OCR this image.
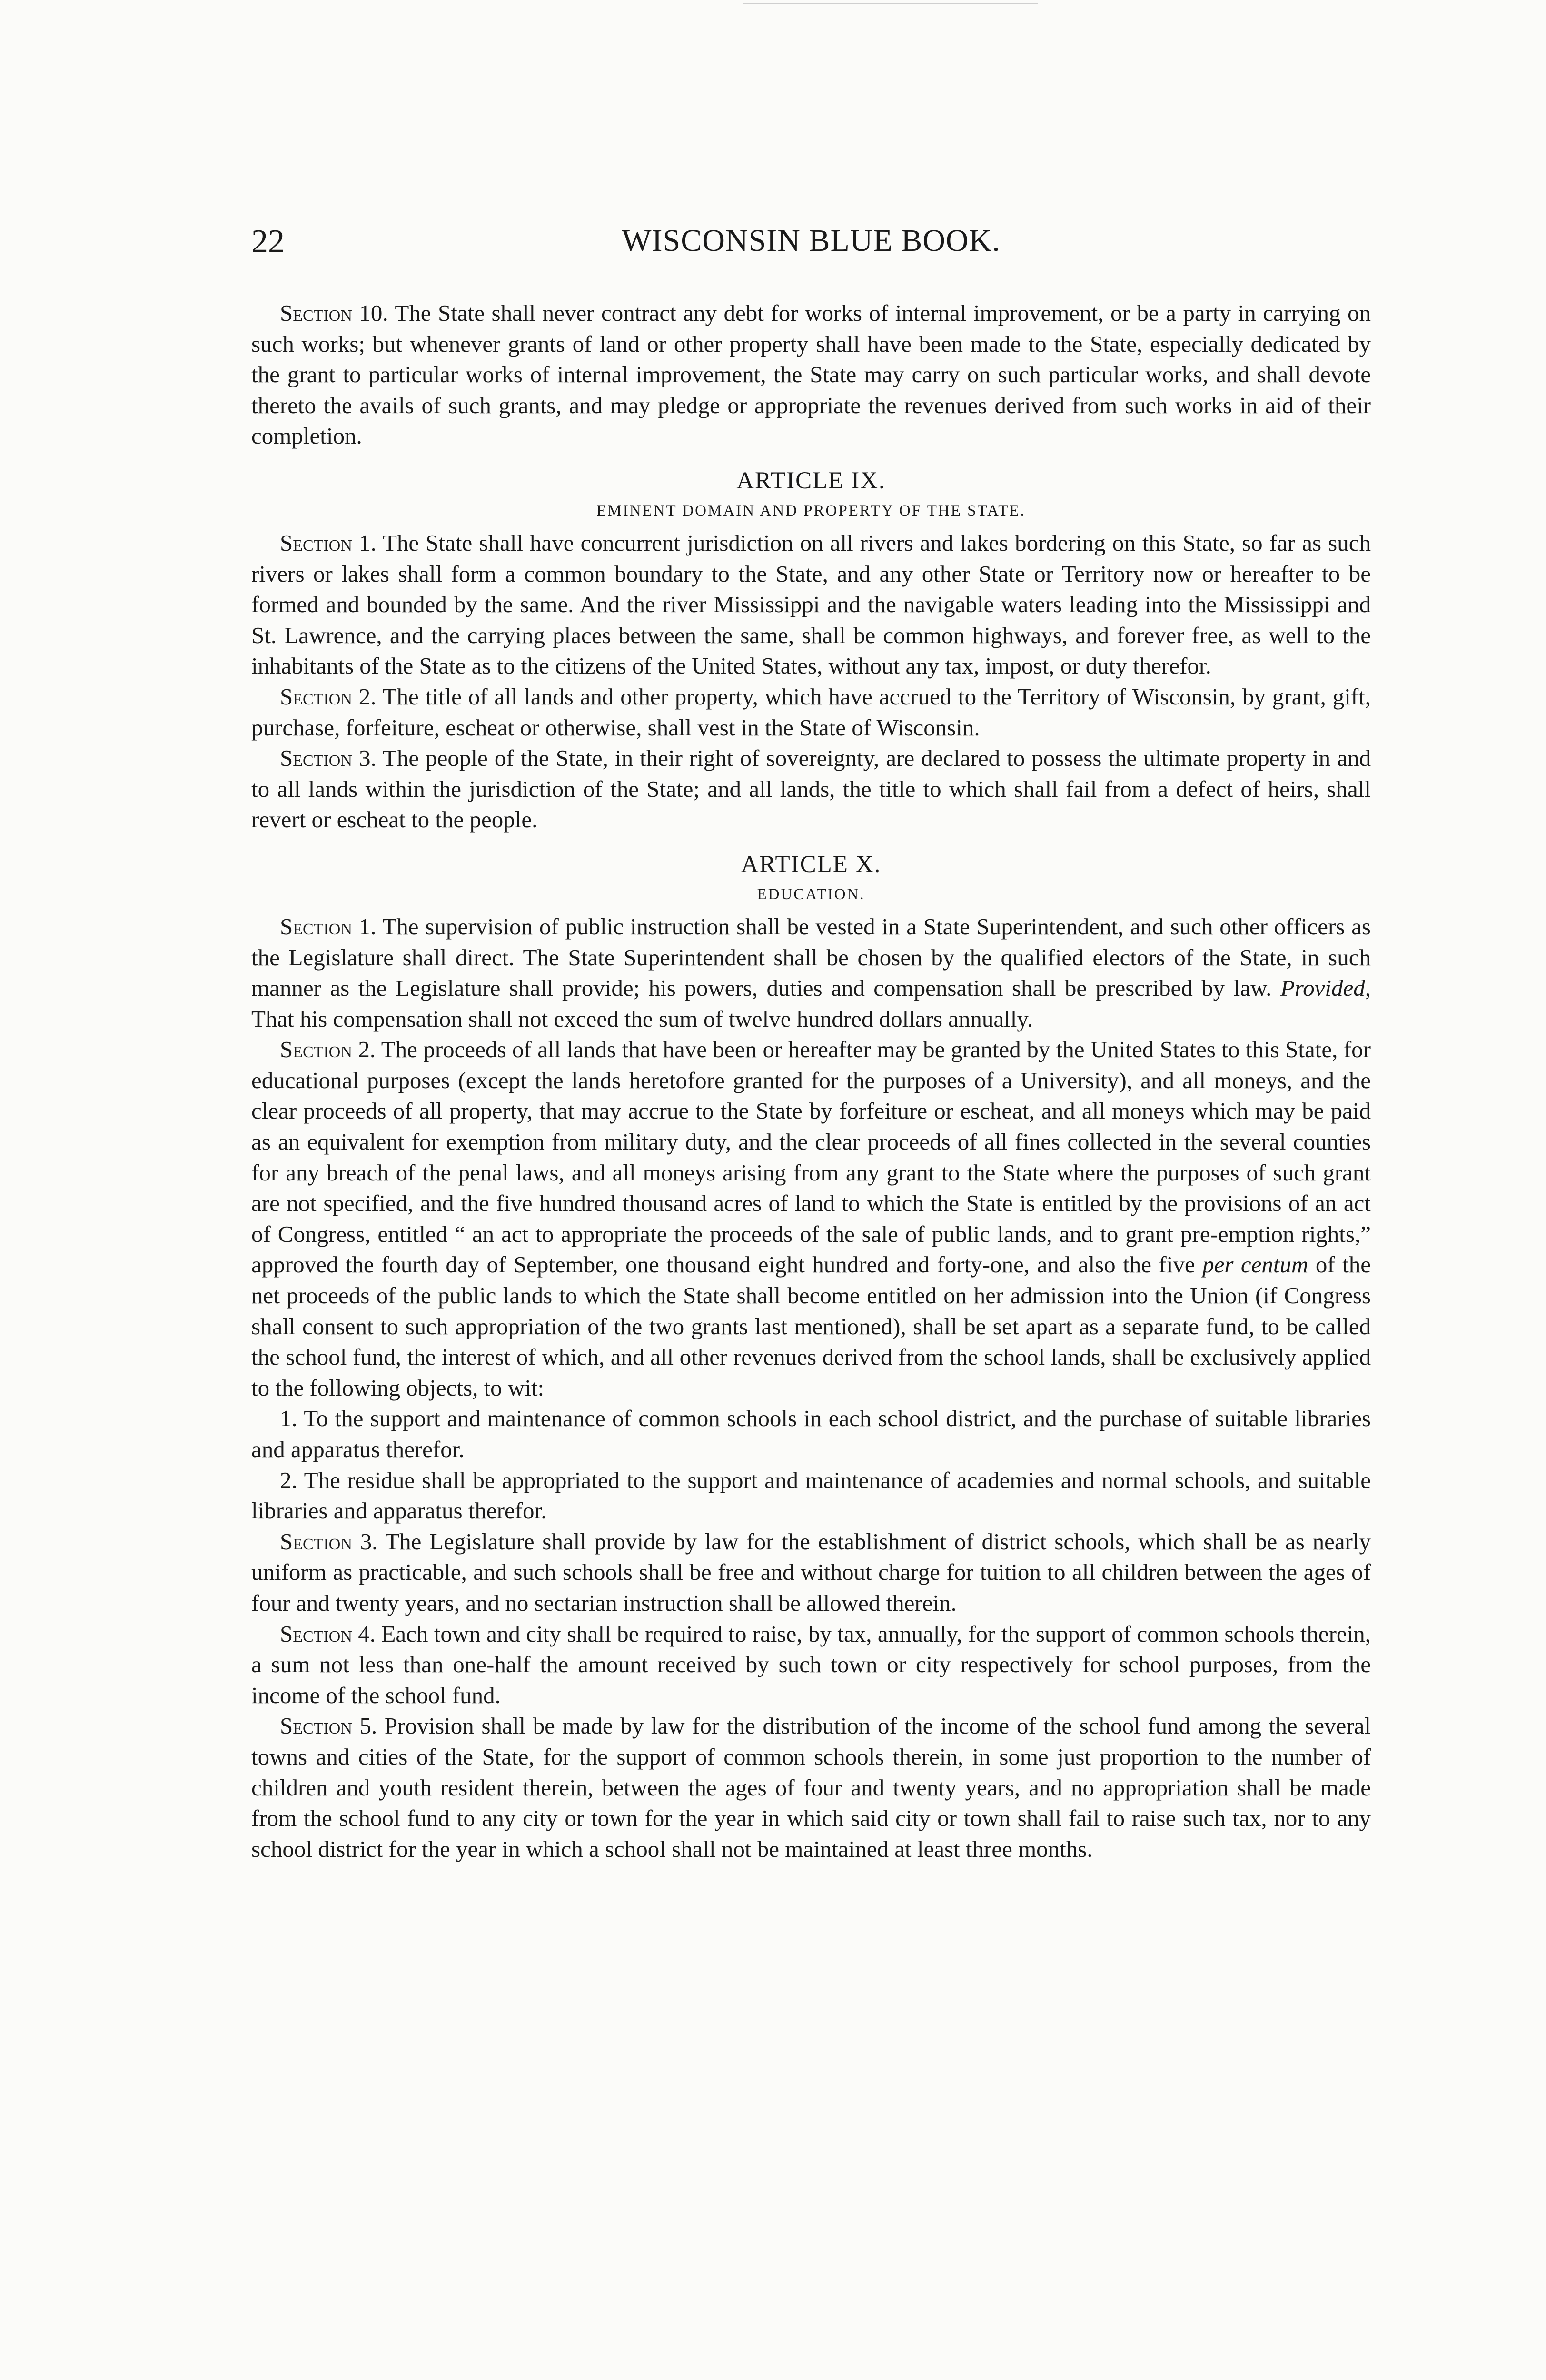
22	WISCONSIN BLUE BOOK.

Section 10. The State shall never contract any debt for works of internal improvement, or be a party in carrying on such works; but whenever grants of land or other property shall have been made to the State, especially dedicated by the grant to particular works of internal improvement, the State may carry on such particular works, and shall devote thereto the avails of such grants, and may pledge or appropriate the revenues derived from such works in aid of their completion.

ARTICLE IX.
EMINENT DOMAIN AND PROPERTY OF THE STATE.

Section 1. The State shall have concurrent jurisdiction on all rivers and lakes bordering on this State, so far as such rivers or lakes shall form a common boundary to the State, and any other State or Territory now or hereafter to be formed and bounded by the same. And the river Mississippi and the navigable waters leading into the Mississippi and St. Lawrence, and the carrying places between the same, shall be common highways, and forever free, as well to the inhabitants of the State as to the citizens of the United States, without any tax, impost, or duty therefor.

Section 2. The title of all lands and other property, which have accrued to the Territory of Wisconsin, by grant, gift, purchase, forfeiture, escheat or otherwise, shall vest in the State of Wisconsin.

Section 3. The people of the State, in their right of sovereignty, are declared to possess the ultimate property in and to all lands within the jurisdiction of the State; and all lands, the title to which shall fail from a defect of heirs, shall revert or escheat to the people.

ARTICLE X.
EDUCATION.

Section 1. The supervision of public instruction shall be vested in a State Superintendent, and such other officers as the Legislature shall direct. The State Superintendent shall be chosen by the qualified electors of the State, in such manner as the Legislature shall provide; his powers, duties and compensation shall be prescribed by law. Provided, That his compensation shall not exceed the sum of twelve hundred dollars annually.

Section 2. The proceeds of all lands that have been or hereafter may be granted by the United States to this State, for educational purposes (except the lands heretofore granted for the purposes of a University), and all moneys, and the clear proceeds of all property, that may accrue to the State by forfeiture or escheat, and all moneys which may be paid as an equivalent for exemption from military duty, and the clear proceeds of all fines collected in the several counties for any breach of the penal laws, and all moneys arising from any grant to the State where the purposes of such grant are not specified, and the five hundred thousand acres of land to which the State is entitled by the provisions of an act of Congress, entitled “ an act to appropriate the proceeds of the sale of public lands, and to grant pre-emption rights,” approved the fourth day of September, one thousand eight hundred and forty-one, and also the five per centum of the net proceeds of the public lands to which the State shall become entitled on her admission into the Union (if Congress shall consent to such appropriation of the two grants last mentioned), shall be set apart as a separate fund, to be called the school fund, the interest of which, and all other revenues derived from the school lands, shall be exclusively applied to the following objects, to wit:

1. To the support and maintenance of common schools in each school district, and the purchase of suitable libraries and apparatus therefor.

2. The residue shall be appropriated to the support and maintenance of academies and normal schools, and suitable libraries and apparatus therefor.

Section 3. The Legislature shall provide by law for the establishment of district schools, which shall be as nearly uniform as practicable, and such schools shall be free and without charge for tuition to all children between the ages of four and twenty years, and no sectarian instruction shall be allowed therein.

Section 4. Each town and city shall be required to raise, by tax, annually, for the support of common schools therein, a sum not less than one-half the amount received by such town or city respectively for school purposes, from the income of the school fund.

Section 5. Provision shall be made by law for the distribution of the income of the school fund among the several towns and cities of the State, for the support of common schools therein, in some just proportion to the number of children and youth resident therein, between the ages of four and twenty years, and no appropriation shall be made from the school fund to any city or town for the year in which said city or town shall fail to raise such tax, nor to any school district for the year in which a school shall not be maintained at least three months.
